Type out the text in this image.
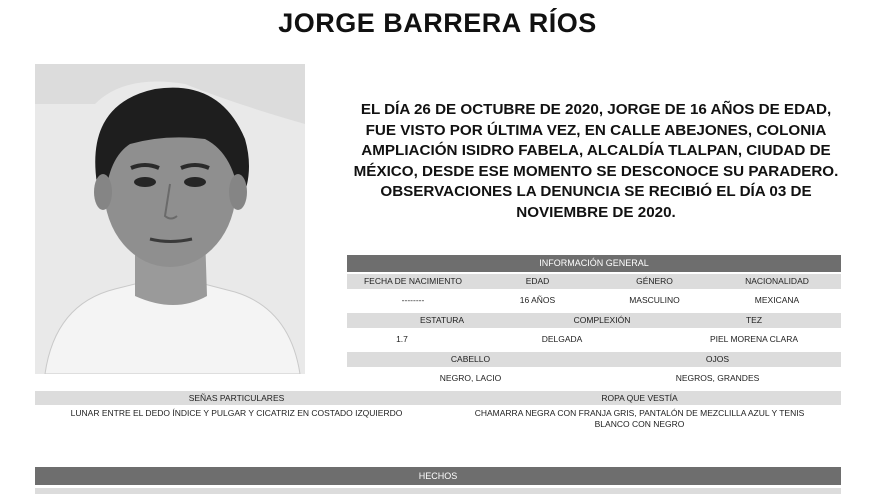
JORGE BARRERA RÍOS
EL DÍA 26 DE OCTUBRE DE 2020, JORGE DE 16 AÑOS DE EDAD, FUE VISTO POR ÚLTIMA VEZ, EN CALLE ABEJONES, COLONIA AMPLIACIÓN ISIDRO FABELA, ALCALDÍA TLALPAN, CIUDAD DE MÉXICO, DESDE ESE MOMENTO SE DESCONOCE SU PARADERO. OBSERVACIONES LA DENUNCIA SE RECIBIÓ EL DÍA 03 DE NOVIEMBRE DE 2020.
INFORMACIÓN GENERAL
FECHA DE NACIMIENTO	EDAD	GÉNERO	NACIONALIDAD
--------	16 AÑOS	MASCULINO	MEXICANA
ESTATURA	COMPLEXIÓN	TEZ
1.7	DELGADA	PIEL MORENA CLARA
CABELLO	OJOS
NEGRO, LACIO	NEGROS, GRANDES
SEÑAS PARTICULARES	ROPA QUE VESTÍA
LUNAR ENTRE EL DEDO ÍNDICE Y PULGAR Y CICATRIZ EN COSTADO IZQUIERDO	CHAMARRA NEGRA CON FRANJA GRIS, PANTALÓN DE MEZCLILLA AZUL Y TENIS BLANCO CON NEGRO
HECHOS
